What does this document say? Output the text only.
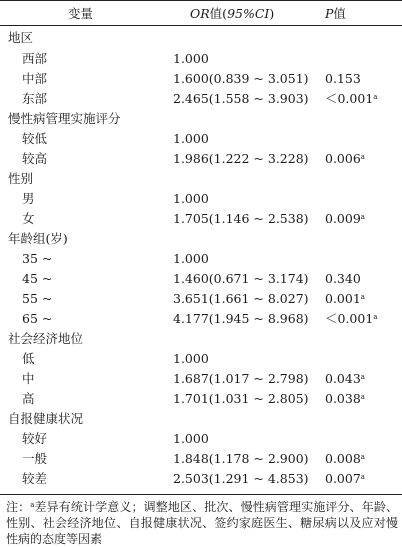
变量	OR值(95%CI)	P值
地区		
西部	1.000	
中部	1.600(0.839 ~ 3.051)	0.153
东部	2.465(1.558 ~ 3.903)	＜0.001$^a$
慢性病管理实施评分		
较低	1.000	
较高	1.986(1.222 ~ 3.228)	0.006$^a$
性别		
男	1.000	
女	1.705(1.146 ~ 2.538)	0.009$^a$
年龄组(岁)		
35 ~	1.000	
45 ~	1.460(0.671 ~ 3.174)	0.340
55 ~	3.651(1.661 ~ 8.027)	0.001$^a$
65 ~	4.177(1.945 ~ 8.968)	＜0.001$^a$
社会经济地位		
低	1.000	
中	1.687(1.017 ~ 2.798)	0.043$^a$
高	1.701(1.031 ~ 2.805)	0.038$^a$
自报健康状况		
较好	1.000	
一般	1.848(1.178 ~ 2.900)	0.008$^a$
较差	2.503(1.291 ~ 4.853)	0.007$^a$
注：$^a$差异有统计学意义；调整地区、批次、慢性病管理实施评分、年龄、性别、社会经济地位、自报健康状况、签约家庭医生、糖尿病以及应对慢性病的态度等因素
